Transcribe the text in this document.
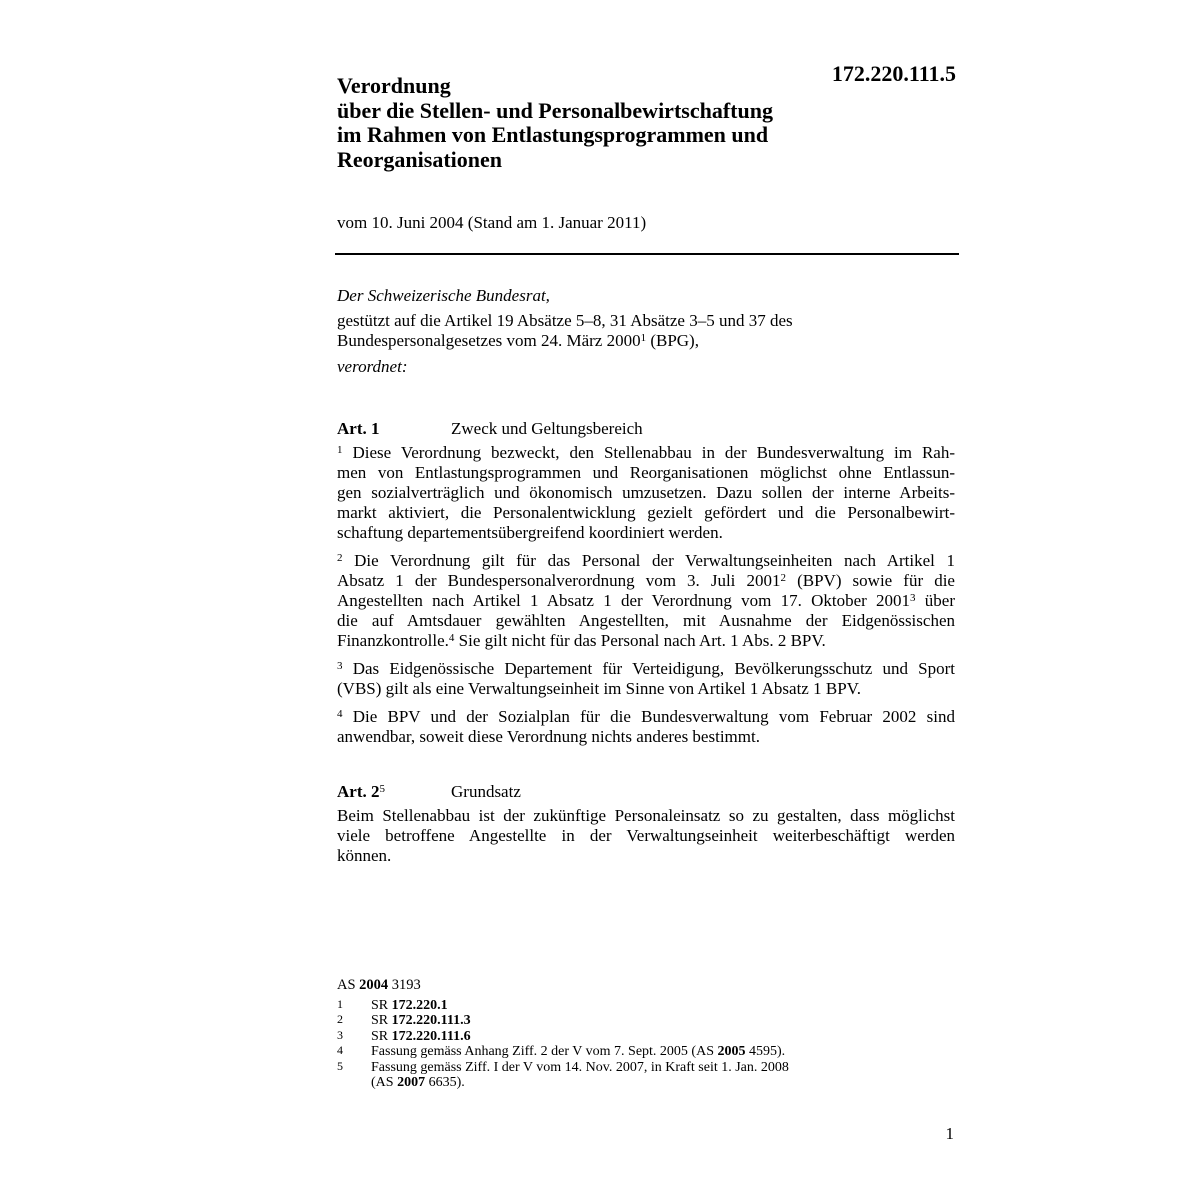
172.220.111.5
Verordnung
über die Stellen- und Personalbewirtschaftung
im Rahmen von Entlastungsprogrammen und
Reorganisationen
vom 10. Juni 2004 (Stand am 1. Januar 2011)

Der Schweizerische Bundesrat,

gestützt auf die Artikel 19 Absätze 5–8, 31 Absätze 3–5 und 37 des
Bundespersonalgesetzes vom 24. März 2000$^1$ (BPG),

verordnet:

Art. 1	Zweck und Geltungsbereich
$^1$ Diese Verordnung bezweckt, den Stellenabbau in der Bundesverwaltung im Rah-
men von Entlastungsprogrammen und Reorganisationen möglichst ohne Entlassun-
gen sozialverträglich und ökonomisch umzusetzen. Dazu sollen der interne Arbeits-
markt aktiviert, die Personalentwicklung gezielt gefördert und die Personalbewirt-
schaftung departementsübergreifend koordiniert werden.
$^2$ Die Verordnung gilt für das Personal der Verwaltungseinheiten nach Artikel 1
Absatz 1 der Bundespersonalverordnung vom 3. Juli 2001$^2$ (BPV) sowie für die
Angestellten nach Artikel 1 Absatz 1 der Verordnung vom 17. Oktober 2001$^3$ über
die auf Amtsdauer gewählten Angestellten, mit Ausnahme der Eidgenössischen
Finanzkontrolle.$^4$ Sie gilt nicht für das Personal nach Art. 1 Abs. 2 BPV.
$^3$ Das Eidgenössische Departement für Verteidigung, Bevölkerungsschutz und Sport
(VBS) gilt als eine Verwaltungseinheit im Sinne von Artikel 1 Absatz 1 BPV.
$^4$ Die BPV und der Sozialplan für die Bundesverwaltung vom Februar 2002 sind
anwendbar, soweit diese Verordnung nichts anderes bestimmt.
Art. $2^5$	Grundsatz
Beim Stellenabbau ist der zukünftige Personaleinsatz so zu gestalten, dass möglichst
viele betroffene Angestellte in der Verwaltungseinheit weiterbeschäftigt werden
können.
AS 2004 3193
1	SR 172.220.1
2	SR 172.220.111.3
3	SR 172.220.111.6
4	Fassung gemäss Anhang Ziff. 2 der V vom 7. Sept. 2005 (AS 2005 4595).
5	Fassung gemäss Ziff. I der V vom 14. Nov. 2007, in Kraft seit 1. Jan. 2008
(AS 2007 6635).
1
